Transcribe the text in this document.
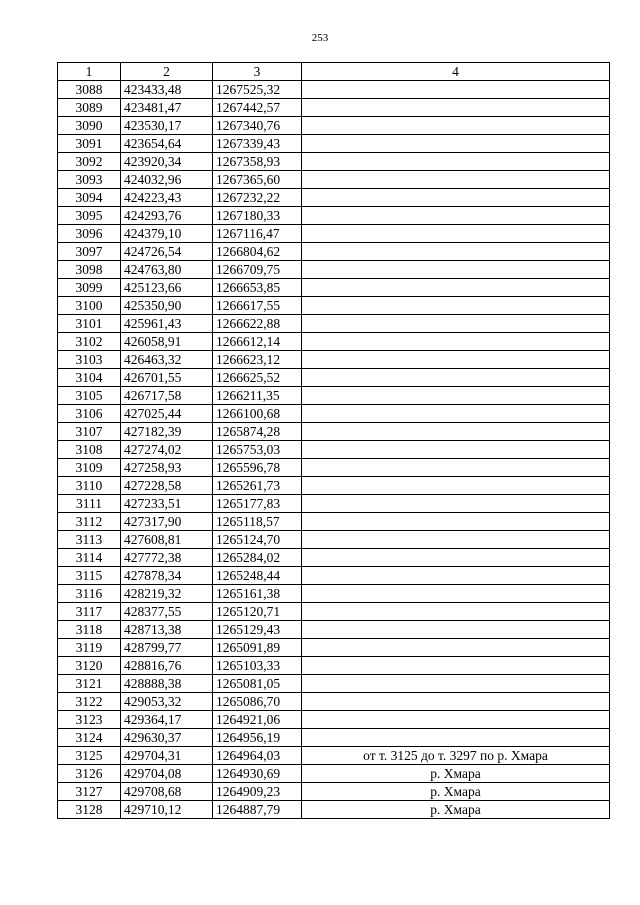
253
1	2	3	4
3088	423433,48	1267525,32	
3089	423481,47	1267442,57	
3090	423530,17	1267340,76	
3091	423654,64	1267339,43	
3092	423920,34	1267358,93	
3093	424032,96	1267365,60	
3094	424223,43	1267232,22	
3095	424293,76	1267180,33	
3096	424379,10	1267116,47	
3097	424726,54	1266804,62	
3098	424763,80	1266709,75	
3099	425123,66	1266653,85	
3100	425350,90	1266617,55	
3101	425961,43	1266622,88	
3102	426058,91	1266612,14	
3103	426463,32	1266623,12	
3104	426701,55	1266625,52	
3105	426717,58	1266211,35	
3106	427025,44	1266100,68	
3107	427182,39	1265874,28	
3108	427274,02	1265753,03	
3109	427258,93	1265596,78	
3110	427228,58	1265261,73	
3111	427233,51	1265177,83	
3112	427317,90	1265118,57	
3113	427608,81	1265124,70	
3114	427772,38	1265284,02	
3115	427878,34	1265248,44	
3116	428219,32	1265161,38	
3117	428377,55	1265120,71	
3118	428713,38	1265129,43	
3119	428799,77	1265091,89	
3120	428816,76	1265103,33	
3121	428888,38	1265081,05	
3122	429053,32	1265086,70	
3123	429364,17	1264921,06	
3124	429630,37	1264956,19	
3125	429704,31	1264964,03	от т. 3125 до т. 3297 по р. Хмара
3126	429704,08	1264930,69	р. Хмара
3127	429708,68	1264909,23	р. Хмара
3128	429710,12	1264887,79	р. Хмара
